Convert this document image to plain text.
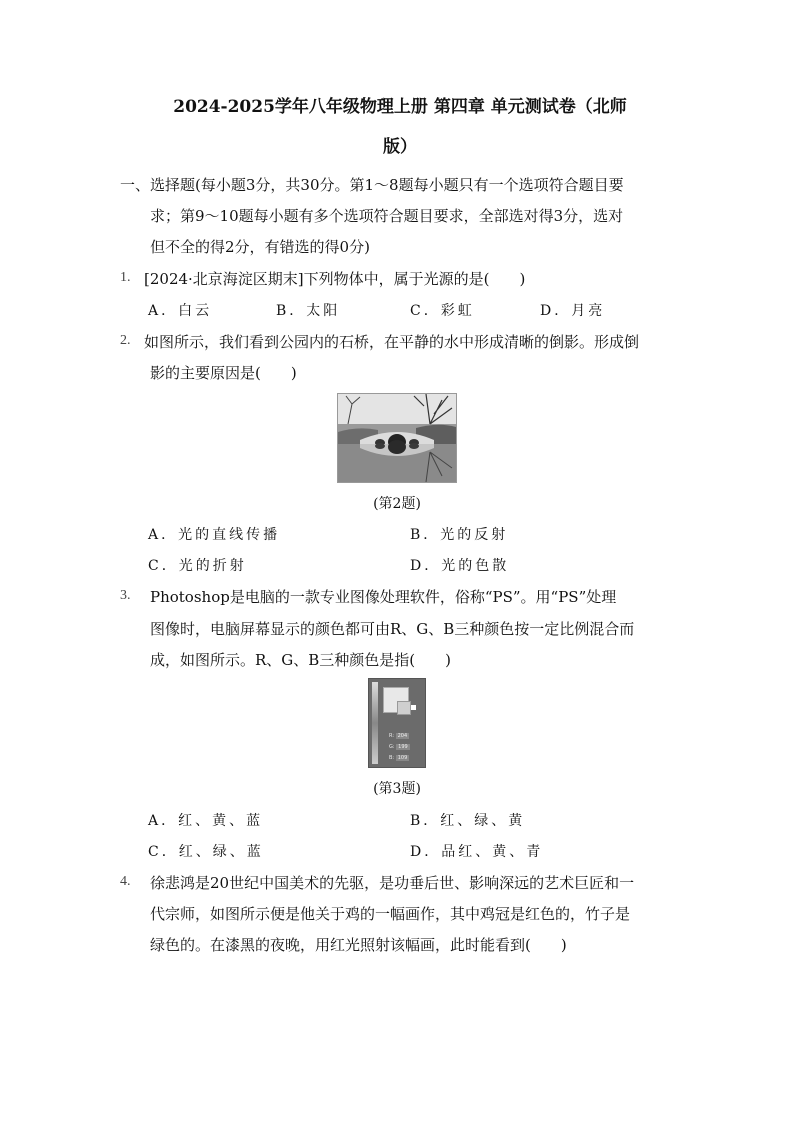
2024-2025学年八年级物理上册 第四章 单元测试卷（北师
版）
一、选择题(每小题3分，共30分。第1～8题每小题只有一个选项符合题目要
求；第9～10题每小题有多个选项符合题目要求，全部选对得3分，选对
但不全的得2分，有错选的得0分)
1. [2024·北京海淀区期末]下列物体中，属于光源的是(　　)
A．白云	B．太阳	C．彩虹	D．月亮
2. 如图所示，我们看到公园内的石桥，在平静的水中形成清晰的倒影。形成倒
影的主要原因是(　　)
(第2题)
A．光的直线传播	B．光的反射
C．光的折射	D．光的色散
3. Photoshop是电脑的一款专业图像处理软件，俗称“PS”。用“PS”处理
图像时，电脑屏幕显示的颜色都可由R、G、B三种颜色按一定比例混合而
成，如图所示。R、G、B三种颜色是指(　　)
R: 204
G: 199
B: 109
(第3题)
A．红、黄、蓝	B．红、绿、黄
C．红、绿、蓝	D．品红、黄、青
4. 徐悲鸿是20世纪中国美术的先驱，是功垂后世、影响深远的艺术巨匠和一
代宗师，如图所示便是他关于鸡的一幅画作，其中鸡冠是红色的，竹子是
绿色的。在漆黑的夜晚，用红光照射该幅画，此时能看到(　　)
